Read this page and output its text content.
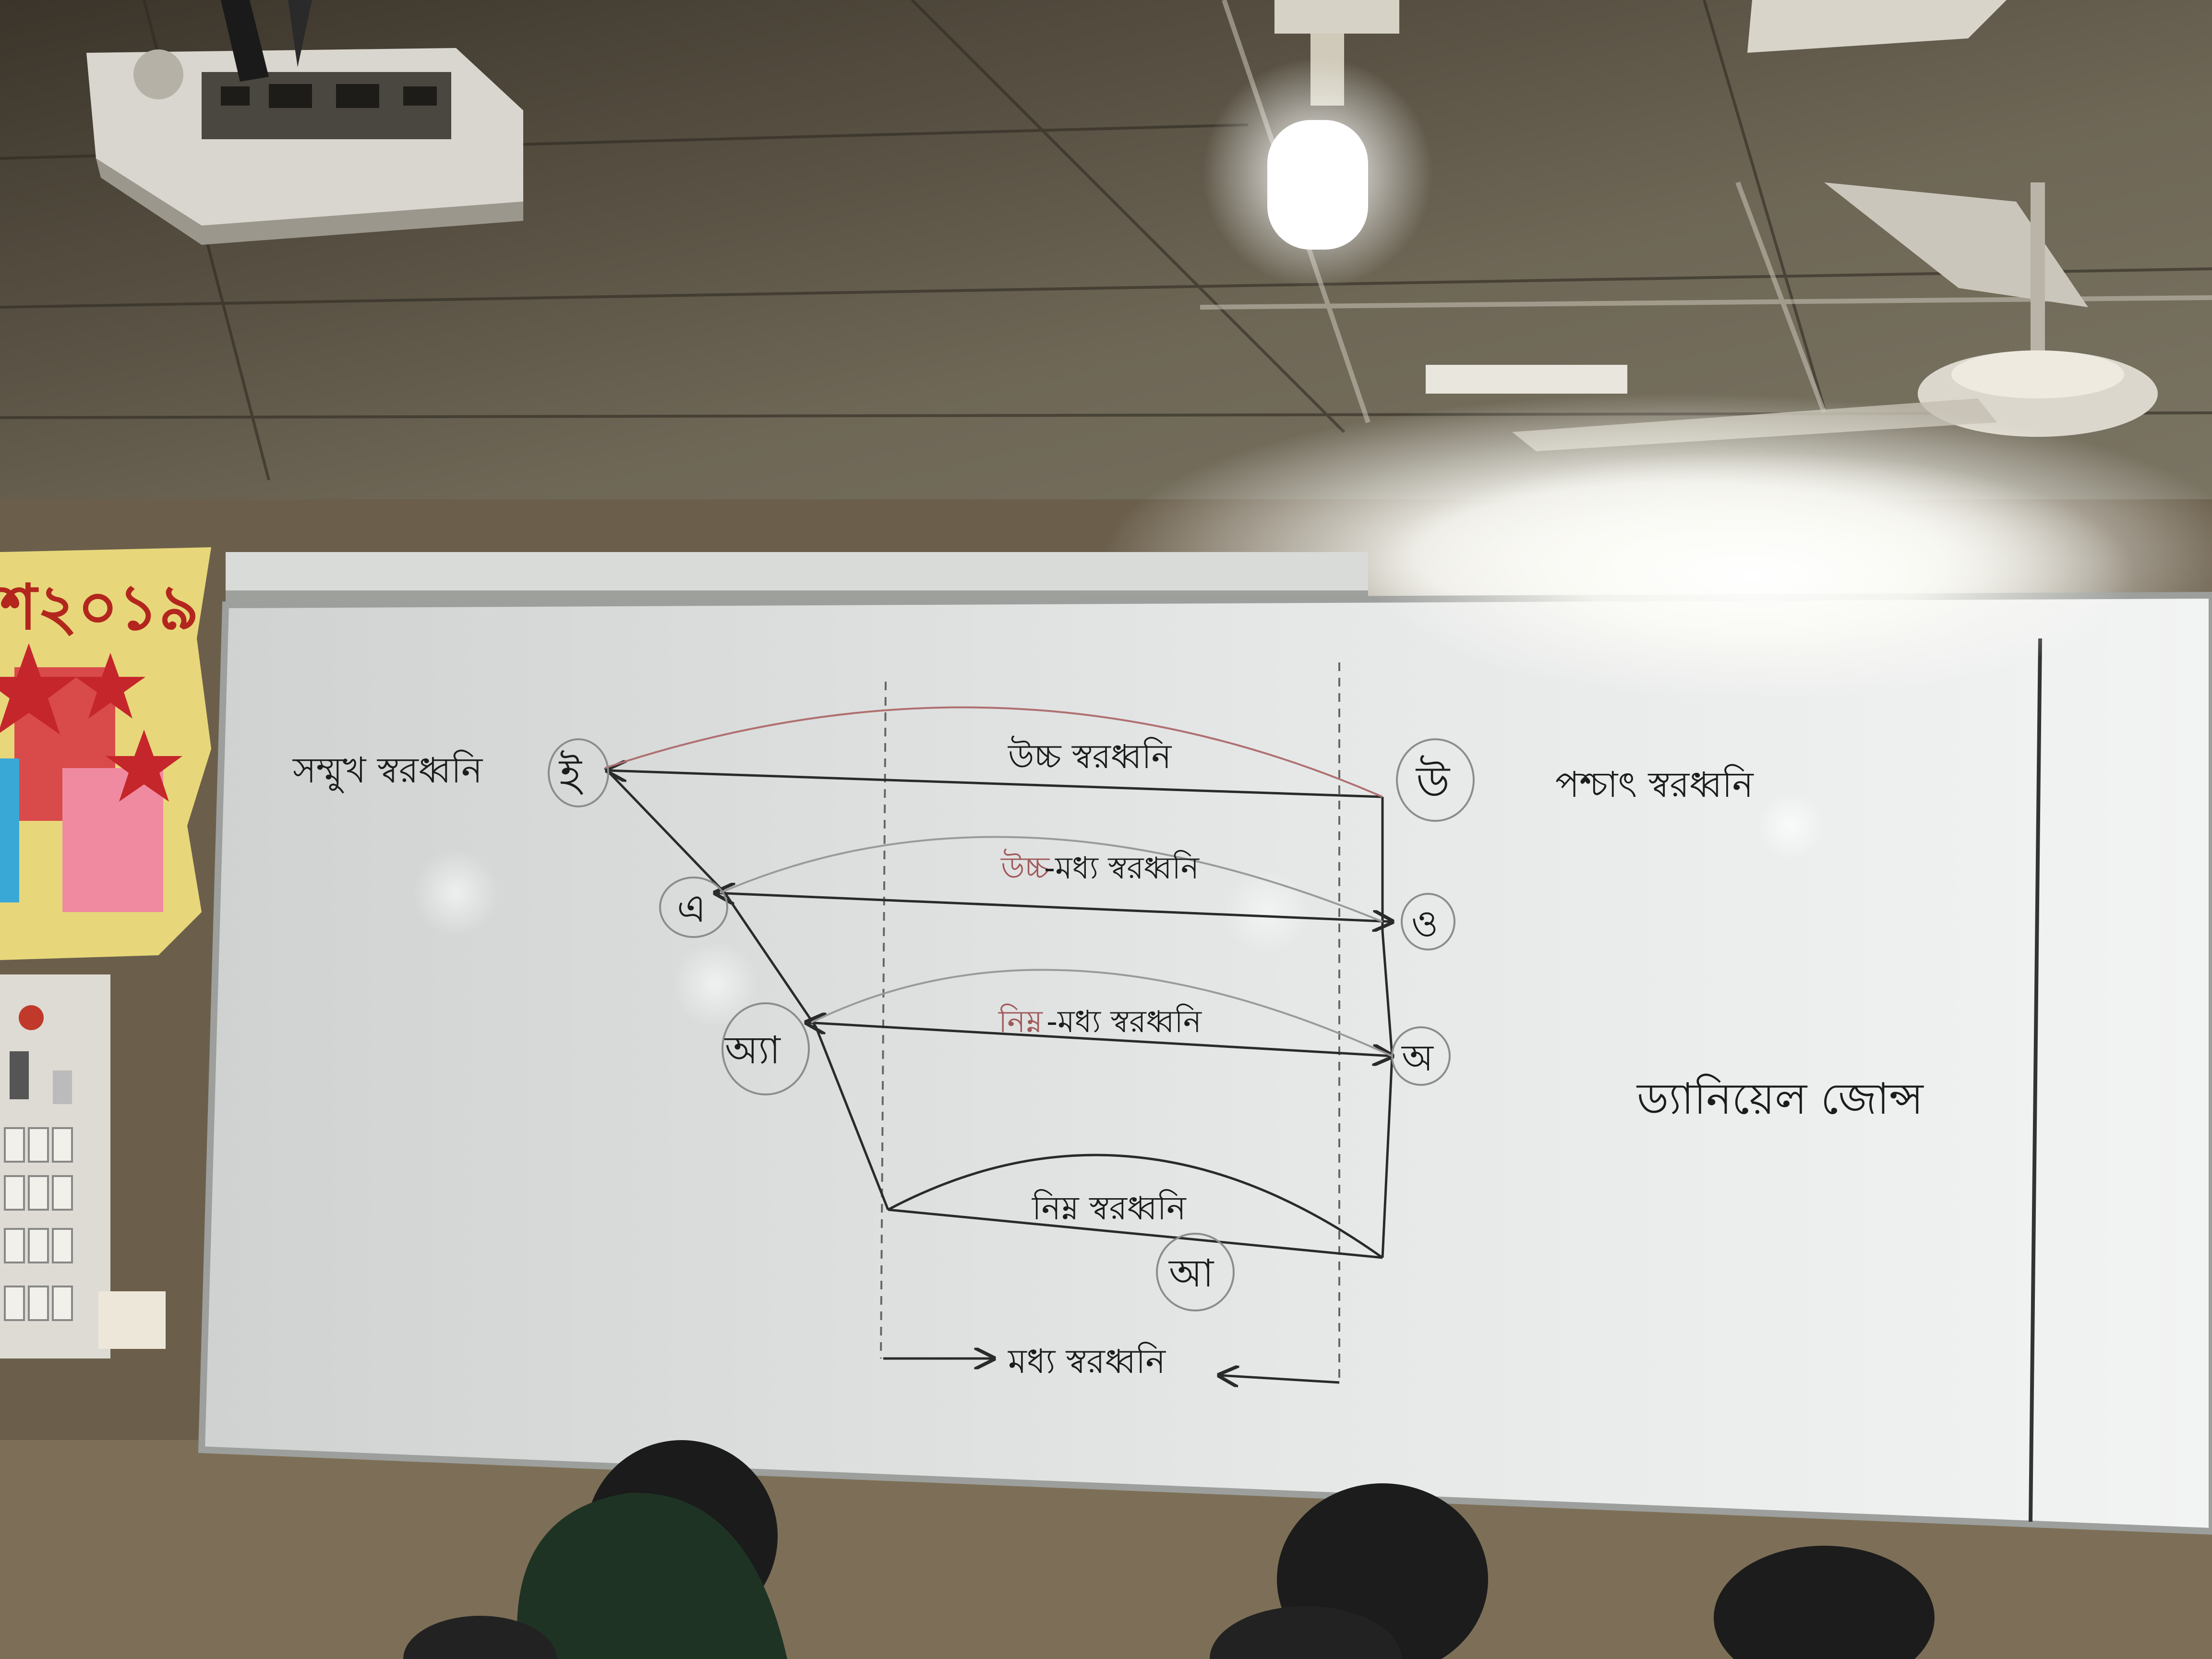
শ২০১৯
সম্মুখ স্বরধ্বনি	পশ্চাৎ স্বরধ্বনি
ড্যানিয়েল জোন্স
ই
এ
অ্যা
উ
ও
অ
আ
উচ্চ স্বরধ্বনি
উচ্চ
-মধ্য স্বরধ্বনি
নিম্ন -মধ্য স্বরধ্বনি
নিম্ন স্বরধ্বনি
মধ্য স্বরধ্বনি
